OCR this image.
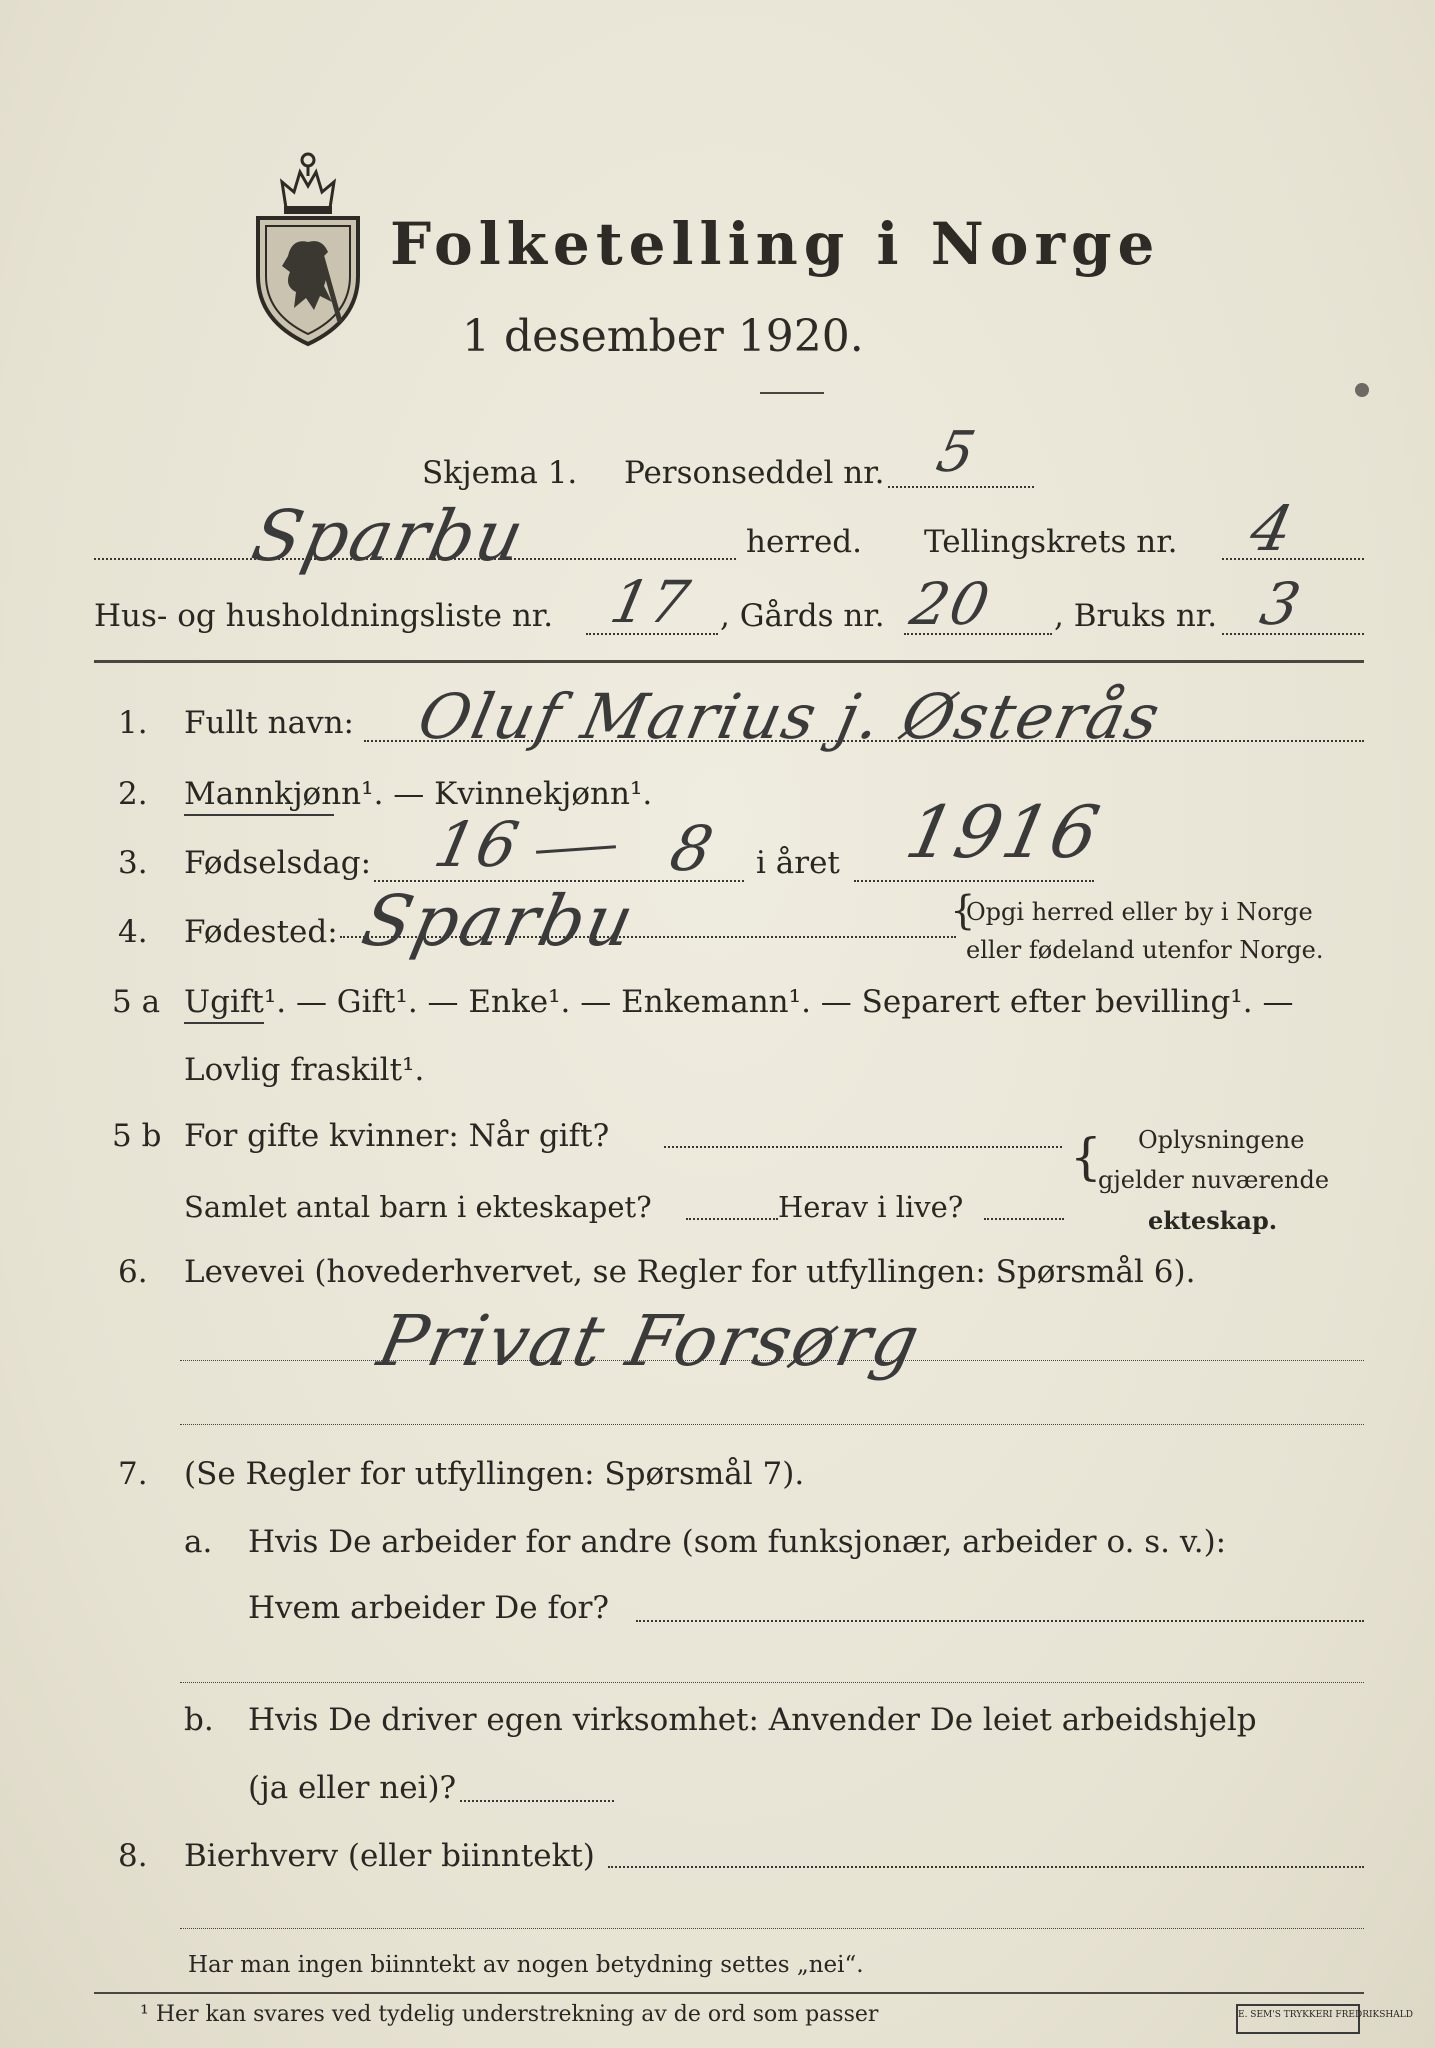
Folketelling i Norge
1 desember 1920.
Skjema 1. Personseddel nr. 5
Sparbu	herred. Tellingskrets nr. 4
Hus- og husholdningsliste nr. 17 , Gårds nr. 20 , Bruks nr. 3
1. Fullt navn: Oluf Marius j. Østerås
2. Mannkjønn¹. — Kvinnekjønn¹.
3. Fødselsdag: 16 8 i året 1916
4. Fødested: Sparbu	{
Opgi herred eller by i Norge
eller fødeland utenfor Norge.
5 a Ugift¹. — Gift¹. — Enke¹. — Enkemann¹. — Separert efter bevilling¹. —
Lovlig fraskilt¹.
5 b For gifte kvinner: Når gift?
Samlet antal barn i ekteskapet?	Herav i live?
{ Oplysningene
gjelder nuværende
ekteskap.
6. Levevei (hovederhvervet, se Regler for utfyllingen: Spørsmål 6).
Privat Forsørg
7. (Se Regler for utfyllingen: Spørsmål 7).
a. Hvis De arbeider for andre (som funksjonær, arbeider o. s. v.):
Hvem arbeider De for?
b. Hvis De driver egen virksomhet: Anvender De leiet arbeidshjelp
(ja eller nei)?
8. Bierhverv (eller biinntekt)
Har man ingen biinntekt av nogen betydning settes „nei“.
¹ Her kan svares ved tydelig understrekning av de ord som passer	E. SEM'S TRYKKERI FREDRIKSHALD
